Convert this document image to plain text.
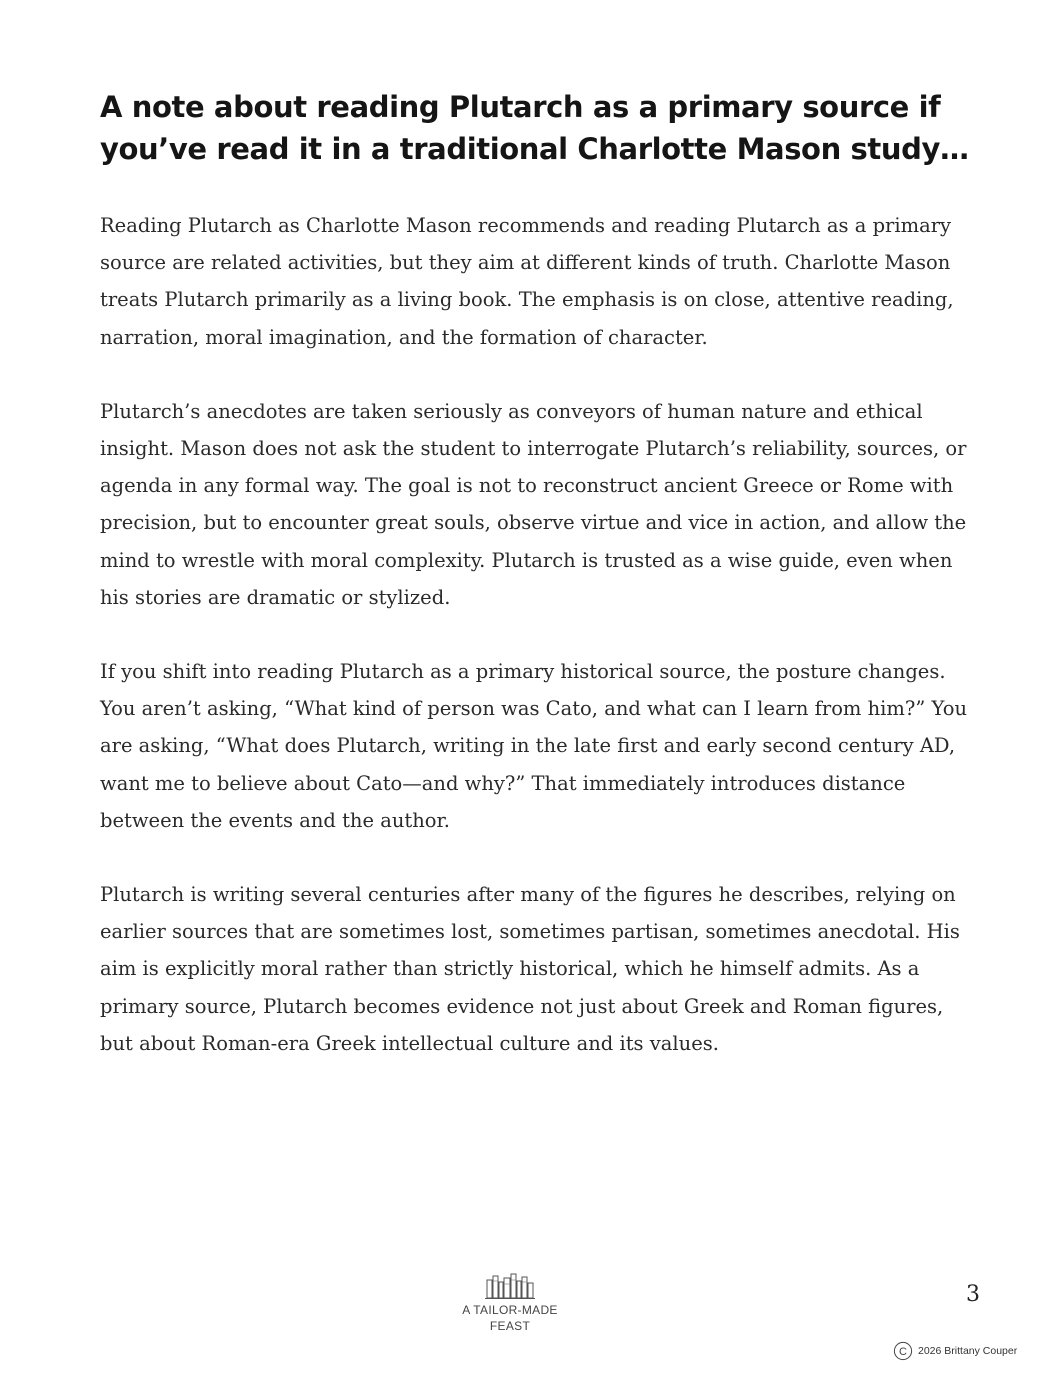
A note about reading Plutarch as a primary source if you’ve read it in a traditional Charlotte Mason study…

Reading Plutarch as Charlotte Mason recommends and reading Plutarch as a primary source are related activities, but they aim at different kinds of truth. Charlotte Mason treats Plutarch primarily as a living book. The emphasis is on close, attentive reading, narration, moral imagination, and the formation of character.

Plutarch’s anecdotes are taken seriously as conveyors of human nature and ethical insight. Mason does not ask the student to interrogate Plutarch’s reliability, sources, or agenda in any formal way. The goal is not to reconstruct ancient Greece or Rome with precision, but to encounter great souls, observe virtue and vice in action, and allow the mind to wrestle with moral complexity. Plutarch is trusted as a wise guide, even when his stories are dramatic or stylized.

If you shift into reading Plutarch as a primary historical source, the posture changes. You aren’t asking, “What kind of person was Cato, and what can I learn from him?” You are asking, “What does Plutarch, writing in the late first and early second century AD, want me to believe about Cato—and why?” That immediately introduces distance between the events and the author.

Plutarch is writing several centuries after many of the figures he describes, relying on earlier sources that are sometimes lost, sometimes partisan, sometimes anecdotal. His aim is explicitly moral rather than strictly historical, which he himself admits. As a primary source, Plutarch becomes evidence not just about Greek and Roman figures, but about Roman-era Greek intellectual culture and its values.

A TAILOR-MADE
FEAST
3
C 2026 Brittany Couper
